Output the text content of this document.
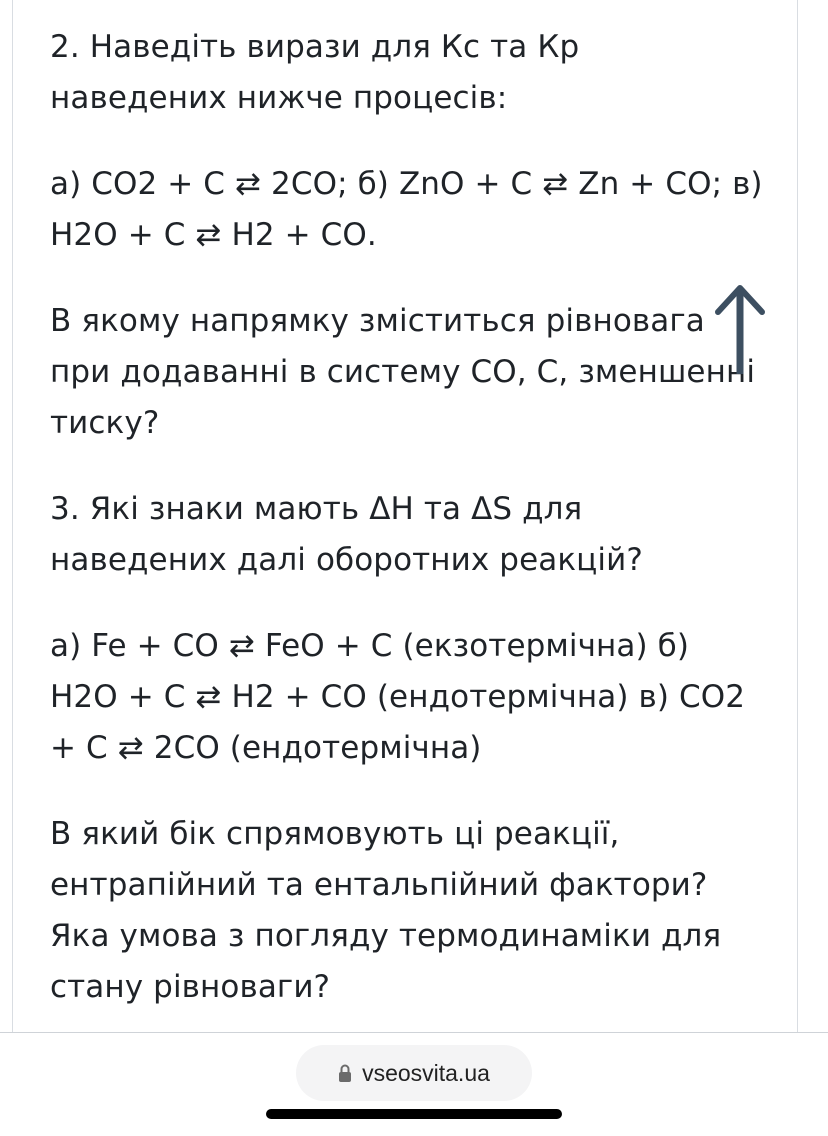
2. Наведіть вирази для Кс та Кр наведених нижче процесів:

а) СО2 + С ⇄ 2СО; б) ZnO + С ⇄ Zn + СО; в) Н2О + С ⇄ Н2 + СО.

В якому напрямку зміститься рівновага при додаванні в систему СО, С, зменшенні тиску?

3. Які знаки мають ΔН та ΔS для наведених далі оборотних реакцій?

а) Fe + СО ⇄ FeO + С (екзотермічна) б) Н2О + С ⇄ Н2 + СО (ендотермічна) в) СО2 + С ⇄ 2СО (ендотермічна)

В який бік спрямовують ці реакції, ентрапійний та ентальпійний фактори? Яка умова з погляду термодинаміки для стану рівноваги?

vseosvita.ua
